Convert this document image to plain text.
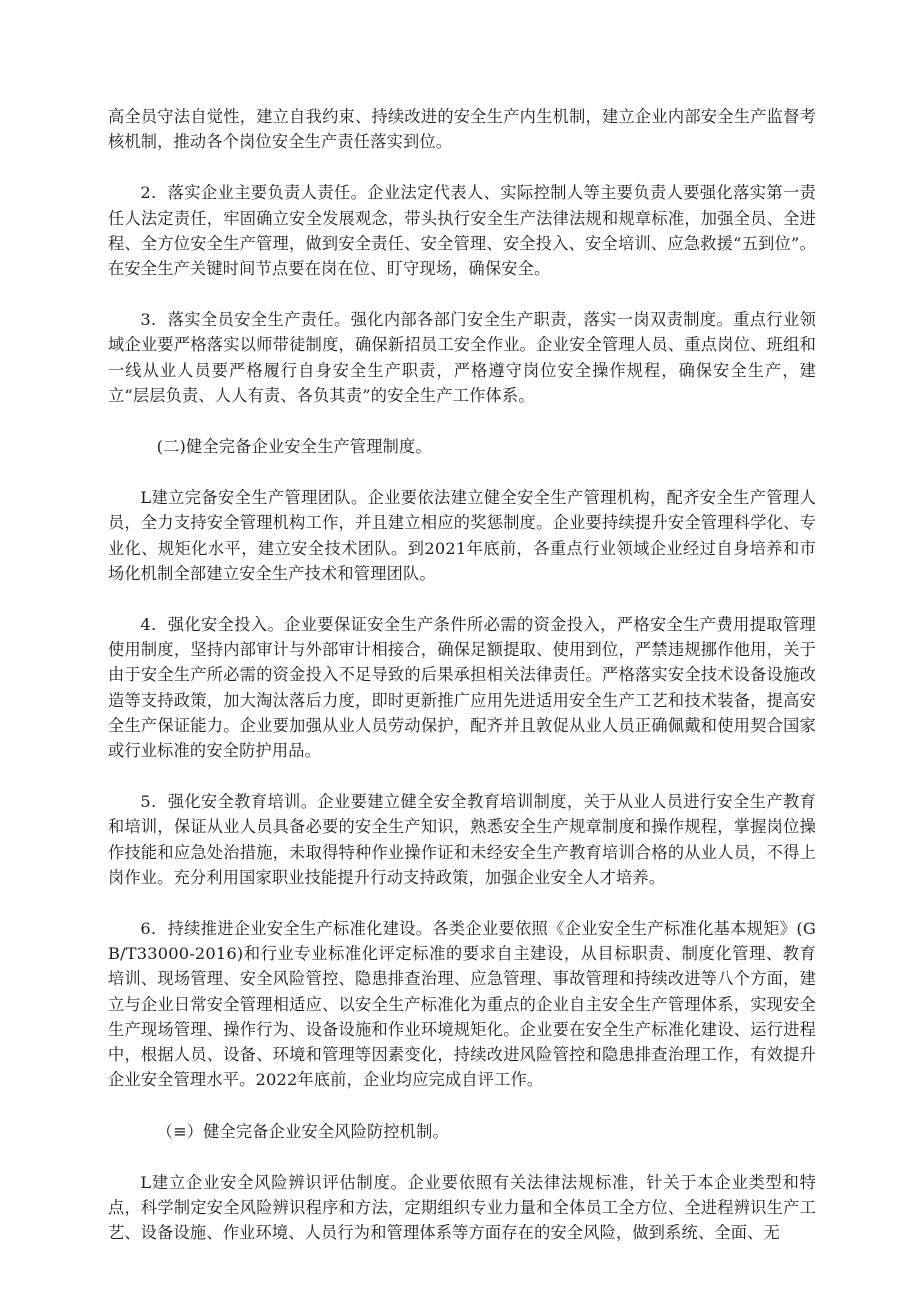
高全员守法自觉性，建立自我约束、持续改进的安全生产内生机制，建立企业内部安全生产监督考核机制，推动各个岗位安全生产责任落实到位。

2．落实企业主要负责人责任。企业法定代表人、实际控制人等主要负责人要强化落实第一责任人法定责任，牢固确立安全发展观念，带头执行安全生产法律法规和规章标准，加强全员、全进程、全方位安全生产管理，做到安全责任、安全管理、安全投入、安全培训、应急救援“五到位”。在安全生产关键时间节点要在岗在位、盯守现场，确保安全。

3．落实全员安全生产责任。强化内部各部门安全生产职责，落实一岗双责制度。重点行业领域企业要严格落实以师带徒制度，确保新招员工安全作业。企业安全管理人员、重点岗位、班组和一线从业人员要严格履行自身安全生产职责，严格遵守岗位安全操作规程，确保安全生产，建立“层层负责、人人有责、各负其责”的安全生产工作体系。

(二)健全完备企业安全生产管理制度。

L建立完备安全生产管理团队。企业要依法建立健全安全生产管理机构，配齐安全生产管理人员，全力支持安全管理机构工作，并且建立相应的奖惩制度。企业要持续提升安全管理科学化、专业化、规矩化水平，建立安全技术团队。到2021年底前，各重点行业领域企业经过自身培养和市场化机制全部建立安全生产技术和管理团队。

4．强化安全投入。企业要保证安全生产条件所必需的资金投入，严格安全生产费用提取管理使用制度，坚持内部审计与外部审计相接合，确保足额提取、使用到位，严禁违规挪作他用，关于由于安全生产所必需的资金投入不足导致的后果承担相关法律责任。严格落实安全技术设备设施改造等支持政策，加大淘汰落后力度，即时更新推广应用先进适用安全生产工艺和技术装备，提高安全生产保证能力。企业要加强从业人员劳动保护，配齐并且敦促从业人员正确佩戴和使用契合国家或行业标准的安全防护用品。

5．强化安全教育培训。企业要建立健全安全教育培训制度，关于从业人员进行安全生产教育和培训，保证从业人员具备必要的安全生产知识，熟悉安全生产规章制度和操作规程，掌握岗位操作技能和应急处治措施，未取得特种作业操作证和未经安全生产教育培训合格的从业人员，不得上岗作业。充分利用国家职业技能提升行动支持政策，加强企业安全人才培养。

6．持续推进企业安全生产标准化建设。各类企业要依照《企业安全生产标准化基本规矩》(GB/T33000-2016)和行业专业标准化评定标准的要求自主建设，从目标职责、制度化管理、教育培训、现场管理、安全风险管控、隐患排查治理、应急管理、事故管理和持续改进等八个方面，建立与企业日常安全管理相适应、以安全生产标准化为重点的企业自主安全生产管理体系，实现安全生产现场管理、操作行为、设备设施和作业环境规矩化。企业要在安全生产标准化建设、运行进程中，根据人员、设备、环境和管理等因素变化，持续改进风险管控和隐患排查治理工作，有效提升企业安全管理水平。2022年底前，企业均应完成自评工作。

（≡）健全完备企业安全风险防控机制。

L建立企业安全风险辨识评估制度。企业要依照有关法律法规标准，针关于本企业类型和特点，科学制定安全风险辨识程序和方法，定期组织专业力量和全体员工全方位、全进程辨识生产工艺、设备设施、作业环境、人员行为和管理体系等方面存在的安全风险，做到系统、全面、无
